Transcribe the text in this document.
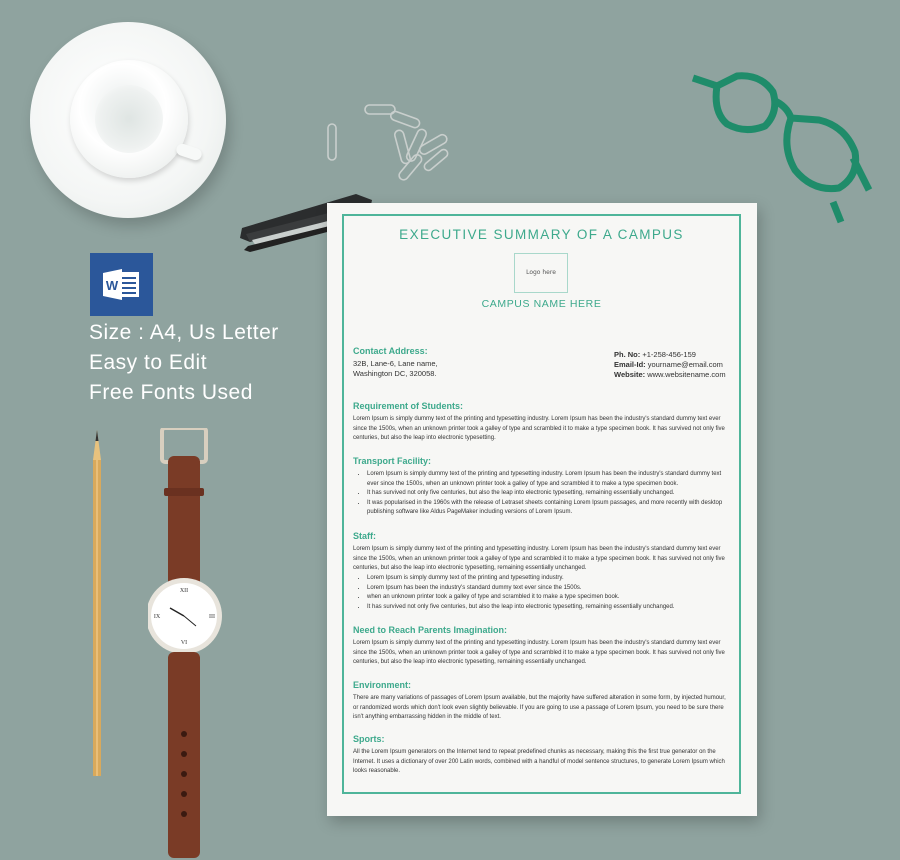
W
Size : A4, Us Letter
Easy to Edit
Free Fonts Used
XII
III
VI
IX
EXECUTIVE SUMMARY OF A CAMPUS
Logo here
CAMPUS NAME HERE
Contact Address:
32B, Lane-6, Lane name,
Washington DC, 320058.
Ph. No: +1-258-456-159
Email-Id: yourname@email.com
Website: www.websitename.com
Requirement of Students:
Lorem Ipsum is simply dummy text of the printing and typesetting industry. Lorem Ipsum has been the industry's standard dummy text ever since the 1500s, when an unknown printer took a galley of type and scrambled it to make a type specimen book. It has survived not only five centuries, but also the leap into electronic typesetting.
Transport Facility:
• Lorem Ipsum is simply dummy text of the printing and typesetting industry. Lorem Ipsum has been the industry's standard dummy text ever since the 1500s, when an unknown printer took a galley of type and scrambled it to make a type specimen book.
• It has survived not only five centuries, but also the leap into electronic typesetting, remaining essentially unchanged.
• It was popularised in the 1960s with the release of Letraset sheets containing Lorem Ipsum passages, and more recently with desktop publishing software like Aldus PageMaker including versions of Lorem Ipsum.
Staff:
Lorem Ipsum is simply dummy text of the printing and typesetting industry. Lorem Ipsum has been the industry's standard dummy text ever since the 1500s, when an unknown printer took a galley of type and scrambled it to make a type specimen book. It has survived not only five centuries, but also the leap into electronic typesetting, remaining essentially unchanged.
• Lorem Ipsum is simply dummy text of the printing and typesetting industry.
• Lorem Ipsum has been the industry's standard dummy text ever since the 1500s.
• when an unknown printer took a galley of type and scrambled it to make a type specimen book.
• It has survived not only five centuries, but also the leap into electronic typesetting, remaining essentially unchanged.
Need to Reach Parents Imagination:
Lorem Ipsum is simply dummy text of the printing and typesetting industry. Lorem Ipsum has been the industry's standard dummy text ever since the 1500s, when an unknown printer took a galley of type and scrambled it to make a type specimen book. It has survived not only five centuries, but also the leap into electronic typesetting, remaining essentially unchanged.
Environment:
There are many variations of passages of Lorem Ipsum available, but the majority have suffered alteration in some form, by injected humour, or randomized words which don't look even slightly believable. If you are going to use a passage of Lorem Ipsum, you need to be sure there isn't anything embarrassing hidden in the middle of text.
Sports:
All the Lorem Ipsum generators on the Internet tend to repeat predefined chunks as necessary, making this the first true generator on the Internet. It uses a dictionary of over 200 Latin words, combined with a handful of model sentence structures, to generate Lorem Ipsum which looks reasonable.
